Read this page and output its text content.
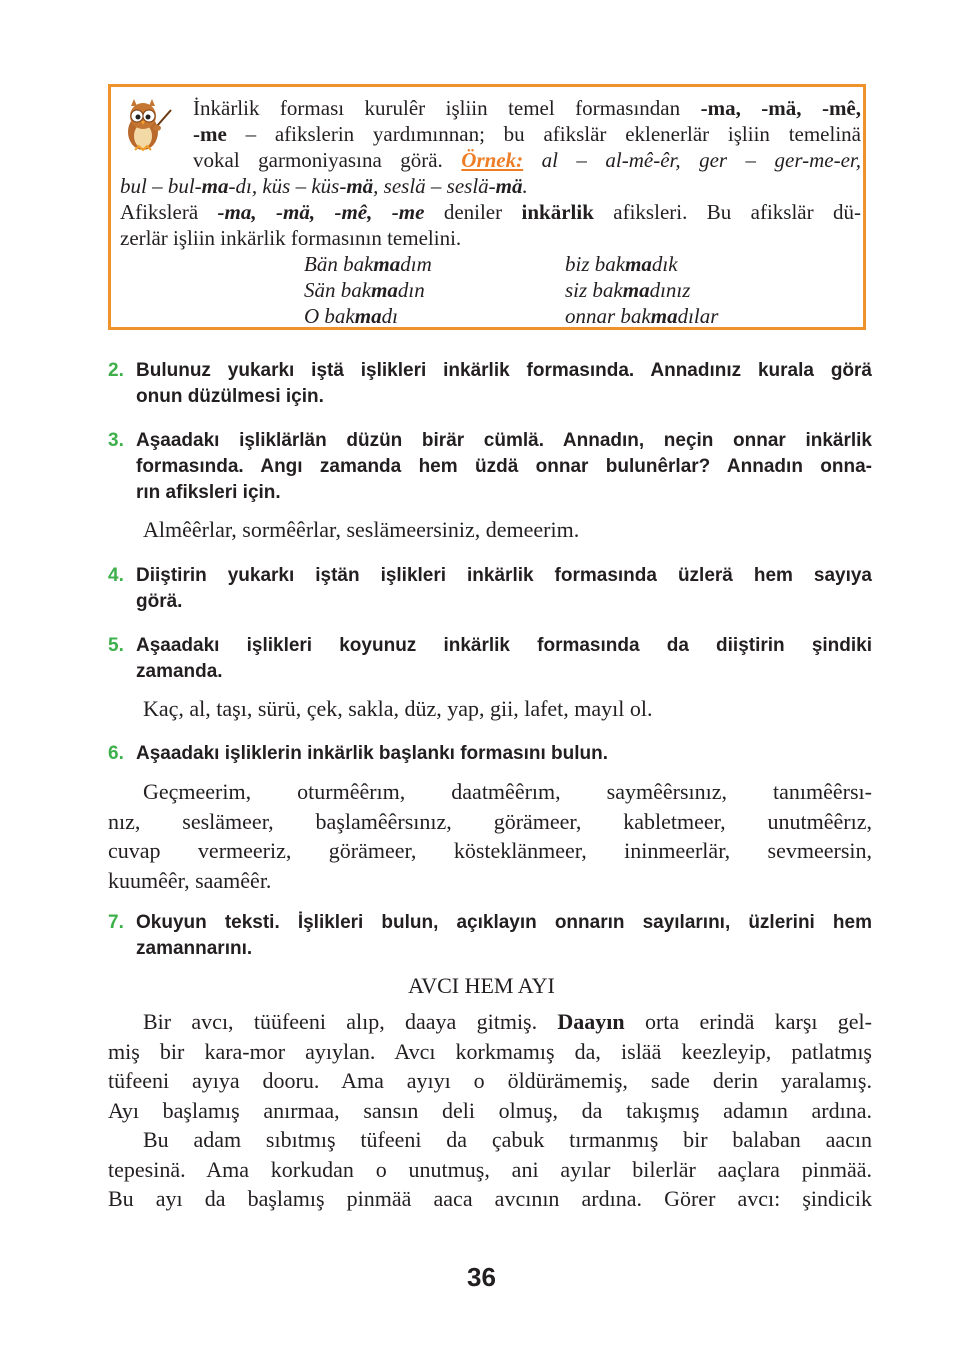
İnkärlik forması kurulêr işliin temel formasından -ma, -mä, -mê,
-me – afikslerin yardımınnan; bu afikslär eklenerlär işliin temelinä
vokal garmoniyasına görä. Örnek: al – al-mê-êr, ger – ger-me-er,
bul – bul-ma-dı, küs – küs-mä, seslä – seslä-mä.
Afikslerä -ma, -mä, -mê, -me deniler inkärlik afiksleri. Bu afikslär dü-
zerlär işliin inkärlik formasının temelini.
Bän bakmadım	biz bakmadık
Sän bakmadın	siz bakmadınız
O bakmadı	onnar bakmadılar
2. Bulunuz yukarkı iştä işlikleri inkärlik formasında. Annadınız kurala görä
onun düzülmesi için.
3. Aşaadakı işliklärlän düzün birär cümlä. Annadın, neçin onnar inkärlik
formasında. Angı zamanda hem üzdä onnar bulunêrlar? Annadın onna-
rın afiksleri için.
Almêêrlar, sormêêrlar, seslämeersiniz, demeerim.
4. Diiştirin yukarkı iştän işlikleri inkärlik formasında üzlerä hem sayıya
görä.
5. Aşaadakı işlikleri koyunuz inkärlik formasında da diiştirin şindiki
zamanda.
Kaç, al, taşı, sürü, çek, sakla, düz, yap, gii, lafet, mayıl ol.
6. Aşaadakı işliklerin inkärlik başlankı formasını bulun.
Geçmeerim, oturmêêrım, daatmêêrım, saymêêrsınız, tanımêêrsı-
nız, seslämeer, başlamêêrsınız, görämeer, kabletmeer, unutmêêrız,
cuvap vermeeriz, görämeer, kösteklänmeer, ininmeerlär, sevmeersin,
kuumêêr, saamêêr.
7. Okuyun teksti. İşlikleri bulun, açıklayın onnarın sayılarını, üzlerini hem
zamannarını.
AVCI HEM AYI
Bir avcı, tüüfeeni alıp, daaya gitmiş. Daayın orta erindä karşı gel-
miş bir kara-mor ayıylan. Avcı korkmamış da, islää keezleyip, patlatmış
tüfeeni ayıya dooru. Ama ayıyı o öldürämemiş, sade derin yaralamış.
Ayı başlamış anırmaa, sansın deli olmuş, da takışmış adamın ardına.
Bu adam sıbıtmış tüfeeni da çabuk tırmanmış bir balaban aacın
tepesinä. Ama korkudan o unutmuş, ani ayılar bilerlär aaçlara pinmää.
Bu ayı da başlamış pinmää aaca avcının ardına. Görer avcı: şindicik
36
